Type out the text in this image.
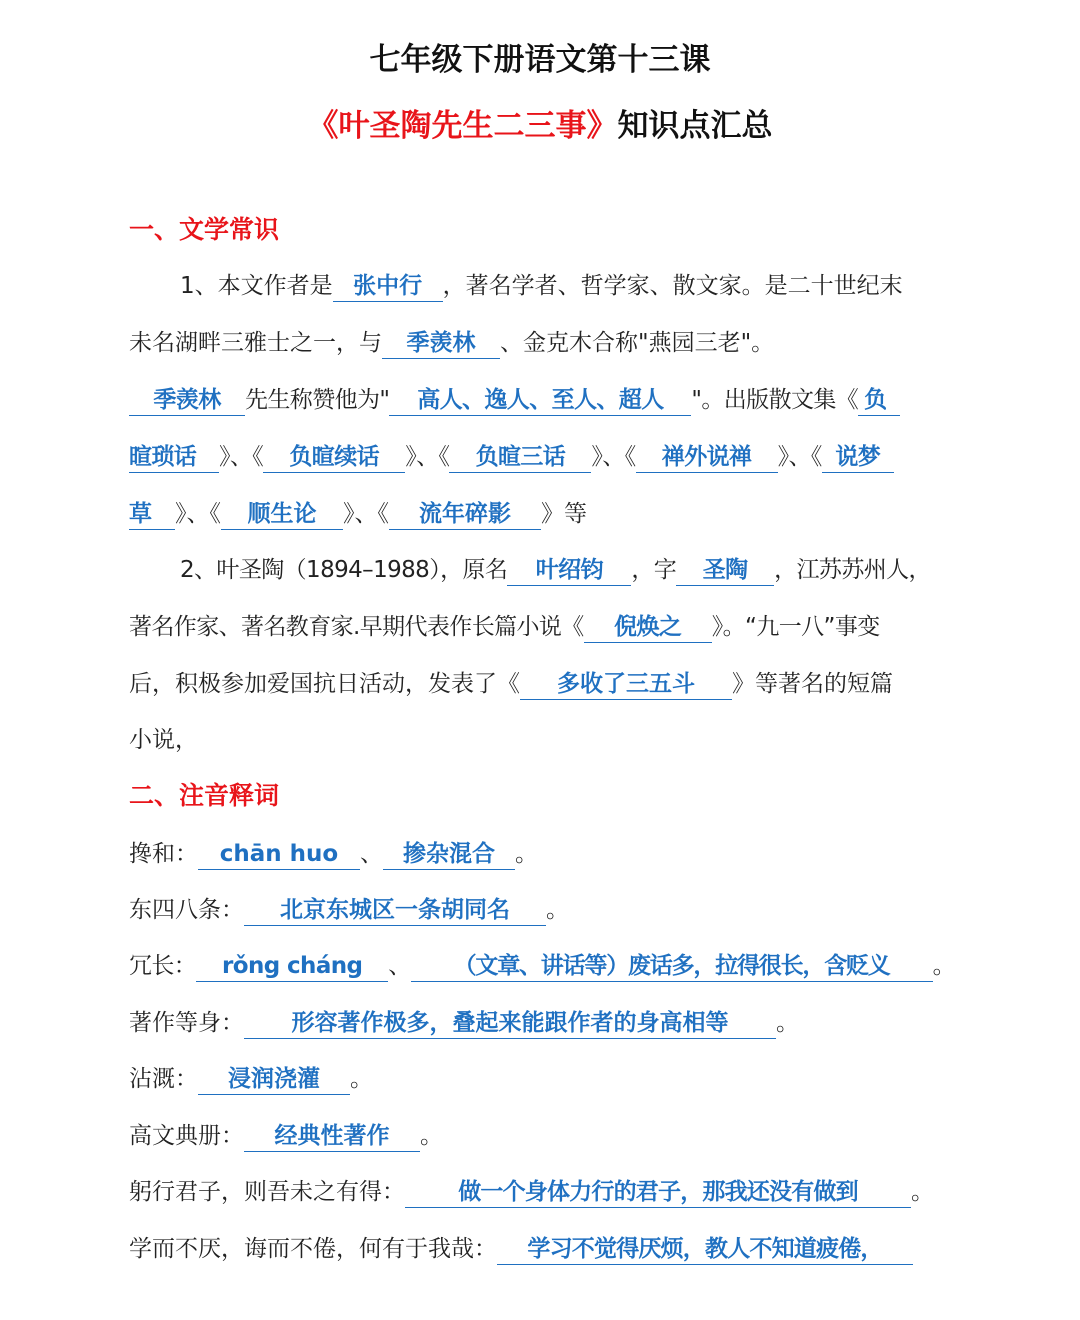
七年级下册语文第十三课
《叶圣陶先生二三事》知识点汇总
一、文学常识
1、本文作者是 张中行 ，著名学者、哲学家、散文家。是二十世纪末
未名湖畔三雅士之一，与 季羡林 、金克木合称"燕园三老"。
季羡林 先生称赞他为" 高人、逸人、至人、超人 "。出版散文集《 负
暄琐话 》、《 负暄续话 》、《 负暄三话 》、《 禅外说禅 》、《 说梦
草 》、《 顺生论 》、《 流年碎影 》等
2、叶圣陶（1894–1988），原名 叶绍钧 ，字 圣陶 ，江苏苏州人，
著名作家、著名教育家.早期代表作长篇小说《 倪焕之 》。“九一八”事变
后，积极参加爱国抗日活动，发表了《 多收了三五斗 》等著名的短篇
小说，
二、注音释词
搀和： chān huo 、 掺杂混合 。
东四八条： 北京东城区一条胡同名 。
冗长： rǒng cháng 、 （文章、讲话等）废话多，拉得很长，含贬义 。
著作等身： 形容著作极多，叠起来能跟作者的身高相等 。
沾溉： 浸润浇灌 。
高文典册： 经典性著作 。
躬行君子，则吾未之有得： 做一个身体力行的君子，那我还没有做到 。
学而不厌，诲而不倦，何有于我哉： 学习不觉得厌烦，教人不知道疲倦，
